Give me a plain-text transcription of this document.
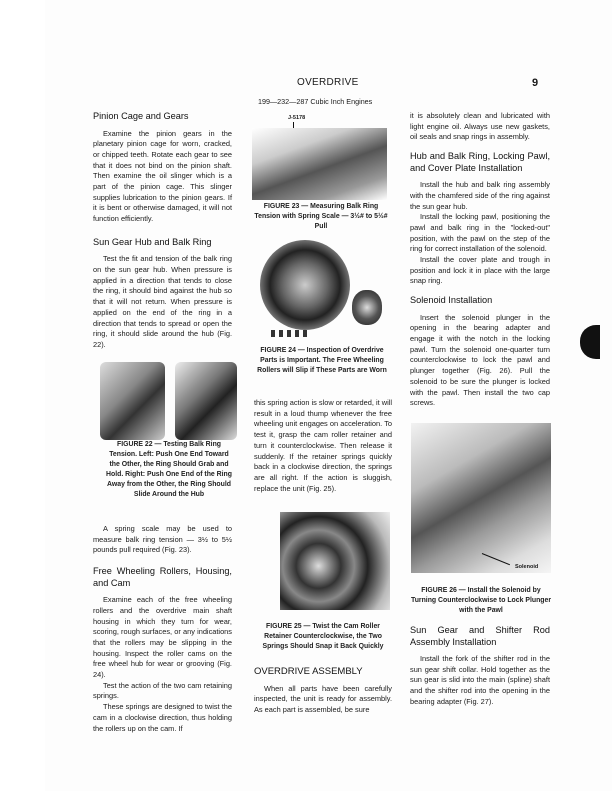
OVERDRIVE	9
199—232—287 Cubic Inch Engines
Pinion Cage and Gears

Examine the pinion gears in the planetary pinion cage for worn, cracked, or chipped teeth. Rotate each gear to see that it does not bind on the pinion shaft. Then examine the oil slinger which is a part of the pinion cage. This slinger supplies lubrication to the pinion gears. If it is bent or otherwise damaged, it will not function efficiently.

Sun Gear Hub and Balk Ring

Test the fit and tension of the balk ring on the sun gear hub. When pressure is applied in a direction that tends to close the ring, it should bind against the hub so that it will not return. When pressure is applied on the end of the ring in a direction that tends to spread or open the ring, it should slide around the hub (Fig. 22).

FIGURE 22 — Testing Balk Ring Tension. Left: Push One End Toward the Other, the Ring Should Grab and Hold. Right: Push One End of the Ring Away from the Other, the Ring Should Slide Around the Hub

A spring scale may be used to measure balk ring tension — 3½ to 5½ pounds pull required (Fig. 23).

Free Wheeling Rollers, Housing, and Cam

Examine each of the free wheeling rollers and the overdrive main shaft housing in which they turn for wear, scoring, rough surfaces, or any indications that the rollers may be slipping in the housing. Inspect the roller cams on the free wheel hub for wear or grooving (Fig. 24).

Test the action of the two cam retaining springs.

These springs are designed to twist the cam in a clockwise direction, thus holding the rollers up on the cam. If

J-5178
FIGURE 23 — Measuring Balk Ring Tension with Spring Scale — 3½# to 5½# Pull
FIGURE 24 — Inspection of Overdrive Parts is Important. The Free Wheeling Rollers will Slip if These Parts are Worn

this spring action is slow or retarded, it will result in a loud thump whenever the free wheeling unit engages on acceleration. To test it, grasp the cam roller retainer and turn it counterclockwise. Then release it suddenly. If the retainer springs quickly back in a clockwise direction, the springs are all right. If the action is sluggish, replace the unit (Fig. 25).

FIGURE 25 — Twist the Cam Roller Retainer Counterclockwise, the Two Springs Should Snap it Back Quickly
OVERDRIVE ASSEMBLY

When all parts have been carefully inspected, the unit is ready for assembly. As each part is assembled, be sure

it is absolutely clean and lubricated with light engine oil. Always use new gaskets, oil seals and snap rings in assembly.

Hub and Balk Ring, Locking Pawl, and Cover Plate Installation

Install the hub and balk ring assembly with the chamfered side of the ring against the sun gear hub.

Install the locking pawl, positioning the pawl and balk ring in the "locked-out" position, with the pawl on the step of the ring for correct installation of the solenoid.

Install the cover plate and trough in position and lock it in place with the large snap ring.

Solenoid Installation

Insert the solenoid plunger in the opening in the bearing adapter and engage it with the notch in the locking pawl. Turn the solenoid one-quarter turn counterclockwise to lock the pawl and plunger together (Fig. 26). Pull the solenoid to be sure the plunger is locked with the pawl. Then install the two cap screws.

Solenoid
FIGURE 26 — Install the Solenoid by Turning Counterclockwise to Lock Plunger with the Pawl
Sun Gear and Shifter Rod Assembly Installation

Install the fork of the shifter rod in the sun gear shift collar. Hold together as the sun gear is slid into the main (spline) shaft and the shifter rod into the opening in the bearing adapter (Fig. 27).
